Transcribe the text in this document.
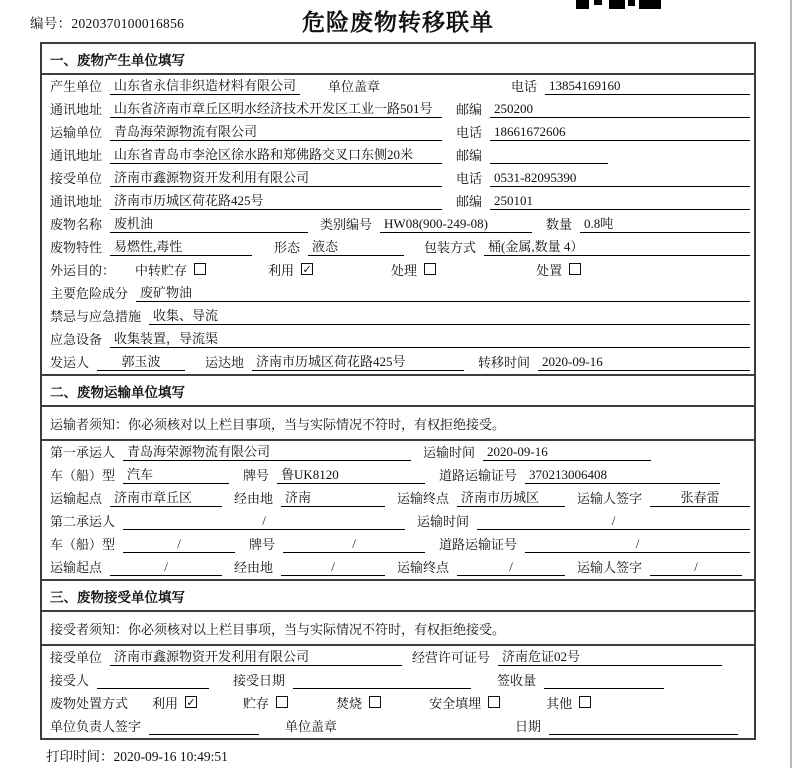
编号：2020370100016856	危险废物转移联单
一、废物产生单位填写
产生单位 山东省永信非织造材料有限公司	单位盖章	电话 13854169160
通讯地址 山东省济南市章丘区明水经济技术开发区工业一路501号	邮编 250200
运输单位 青岛海荣源物流有限公司	电话 18661672606
通讯地址 山东省青岛市李沧区徐水路和郑佛路交叉口东侧20米	邮编
接受单位 济南市鑫源物资开发利用有限公司	电话 0531-82095390
通讯地址 济南市历城区荷花路425号	邮编 250101
废物名称 废机油	类别编号 HW08(900-249-08)	数量 0.8吨
废物特性 易燃性,毒性	形态 液态	包装方式 桶(金属,数量 4）
外运目的： 中转贮存	利用 ✓	处理	处置
主要危险成分 废矿物油
禁忌与应急措施 收集、导流
应急设备 收集装置，导流渠
发运人	郭玉波	运达地 济南市历城区荷花路425号	转移时间 2020-09-16
二、废物运输单位填写
运输者须知：你必须核对以上栏目事项，当与实际情况不符时，有权拒绝接受。
第一承运人 青岛海荣源物流有限公司	运输时间 2020-09-16
车（船）型 汽车	牌号 鲁UK8120	道路运输证号 370213006408
运输起点 济南市章丘区	经由地 济南	运输终点 济南市历城区	运输人签字	张春雷
第二承运人	/	运输时间	/
车（船）型	/	牌号	/	道路运输证号	/
运输起点	/	经由地	/	运输终点	/	运输人签字	/
三、废物接受单位填写
接受者须知：你必须核对以上栏目事项，当与实际情况不符时，有权拒绝接受。
接受单位 济南市鑫源物资开发利用有限公司	经营许可证号 济南危证02号
接受人	接受日期	签收量
废物处置方式 利用 ✓	贮存	焚烧	安全填埋	其他
单位负责人签字	单位盖章	日期
打印时间：2020-09-16 10:49:51
